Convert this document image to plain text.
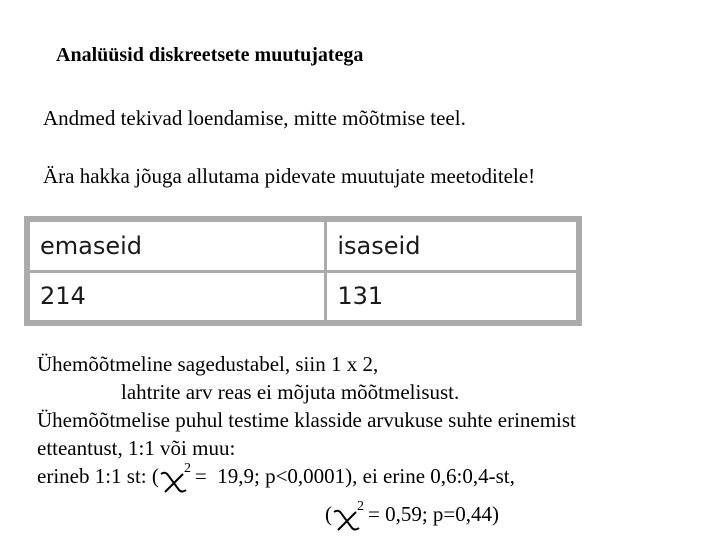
Analüüsid diskreetsete muutujatega
Andmed tekivad loendamise, mitte mõõtmise teel.
Ära hakka jõuga allutama pidevate muutujate meetoditele!
emaseid	isaseid
214	131
Ühemõõtmeline sagedustabel, siin 1 x 2,
lahtrite arv reas ei mõjuta mõõtmelisust.
Ühemõõtmelise puhul testime klasside arvukuse suhte erinemist
etteantust, 1:1 või muu:
erineb 1:1 st: ( 2 =  19,9; p<0,0001), ei erine 0,6:0,4-st,
( 2 = 0,59; p=0,44)
